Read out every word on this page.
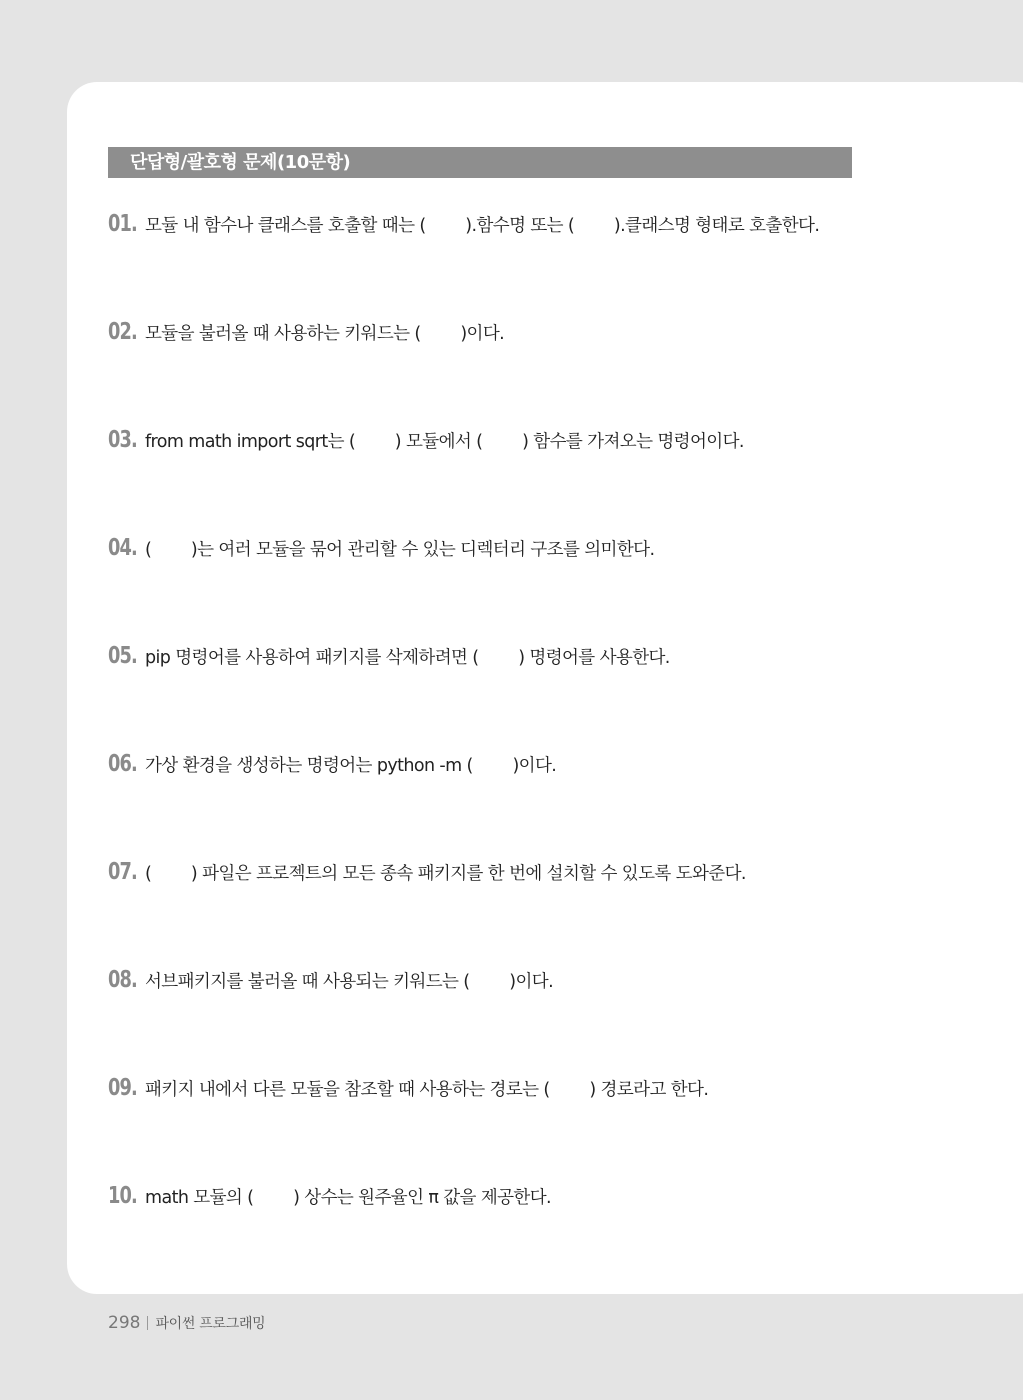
단답형/괄호형 문제(10문항)
01. 모듈 내 함수나 클래스를 호출할 때는 (        ).함수명 또는 (        ).클래스명 형태로 호출한다.
02. 모듈을 불러올 때 사용하는 키워드는 (        )이다.
03. from math import sqrt는 (        ) 모듈에서 (        ) 함수를 가져오는 명령어이다.
04. (        )는 여러 모듈을 묶어 관리할 수 있는 디렉터리 구조를 의미한다.
05. pip 명령어를 사용하여 패키지를 삭제하려면 (        ) 명령어를 사용한다.
06. 가상 환경을 생성하는 명령어는 python -m (        )이다.
07. (        ) 파일은 프로젝트의 모든 종속 패키지를 한 번에 설치할 수 있도록 도와준다.
08. 서브패키지를 불러올 때 사용되는 키워드는 (        )이다.
09. 패키지 내에서 다른 모듈을 참조할 때 사용하는 경로는 (        ) 경로라고 한다.
10. math 모듈의 (        ) 상수는 원주율인 π 값을 제공한다.
298 파이썬 프로그래밍
